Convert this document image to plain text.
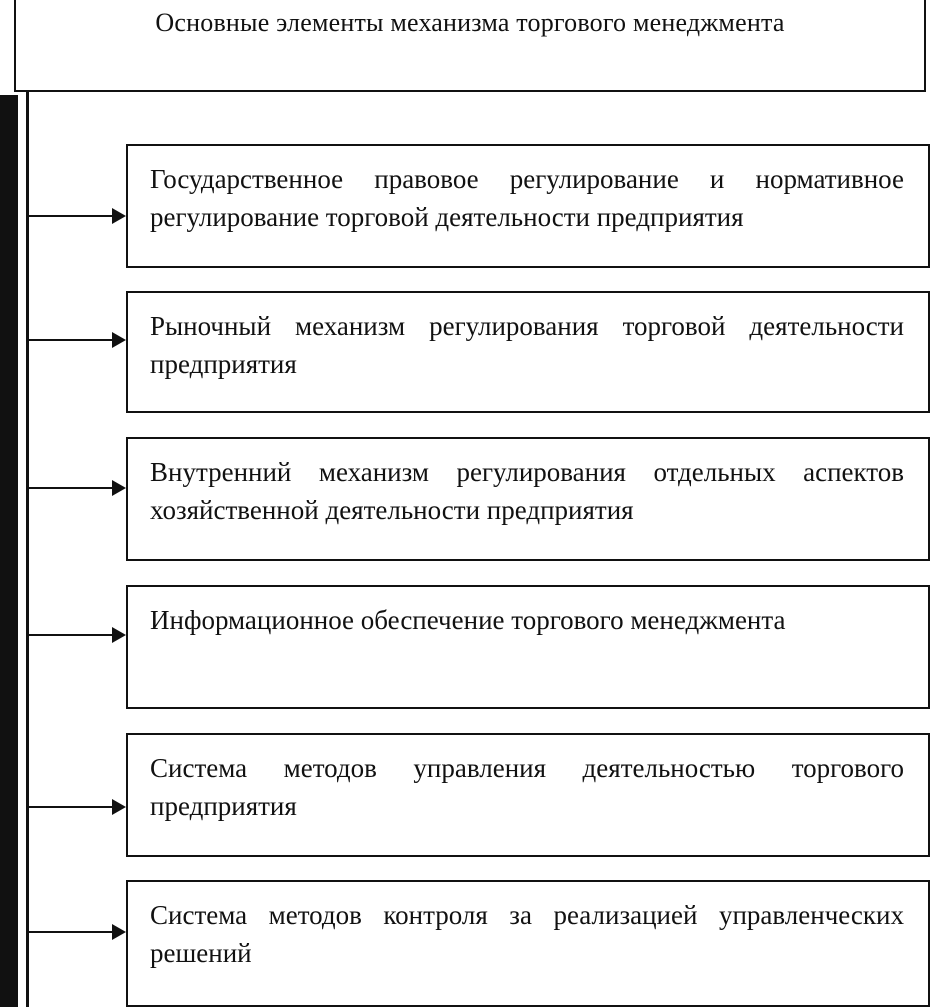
Основные элементы механизма торгового менеджмента
Государственное правовое регулирование и нормативное регулирование торговой деятельности предприятия
Рыночный механизм регулирования торговой деятельности предприятия
Внутренний механизм регулирования отдельных аспектов хозяйственной деятельности предприятия
Информационное обеспечение торгового менеджмента
Система методов управления деятельностью торгового предприятия
Система методов контроля за реализацией управленческих решений
